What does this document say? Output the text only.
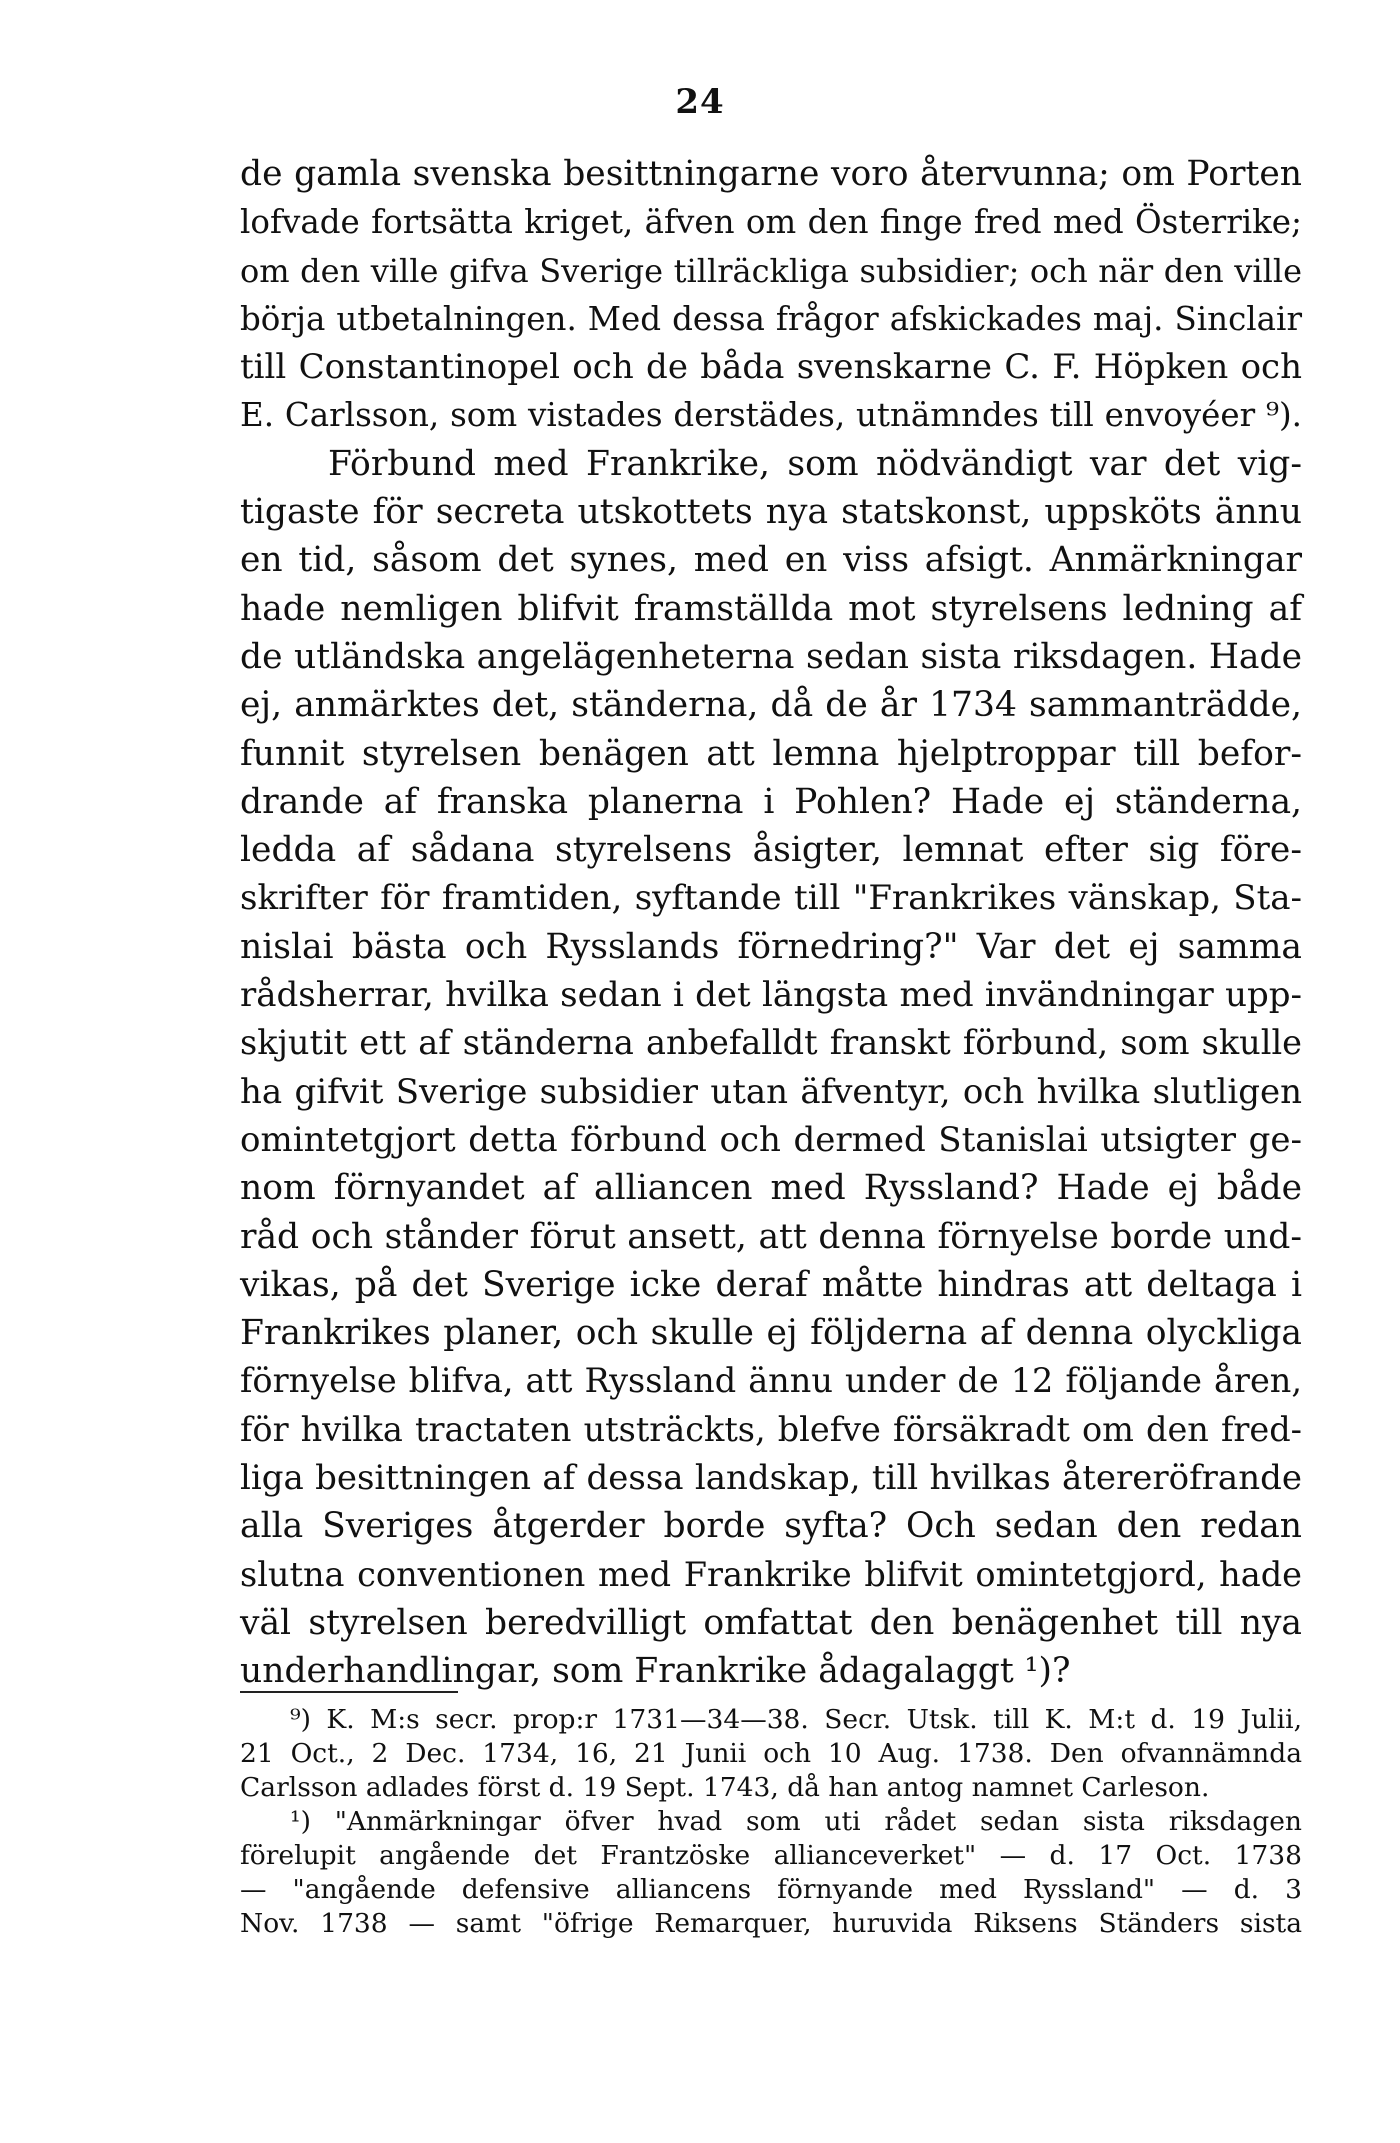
24
de gamla svenska besittningarne voro återvunna; om Porten
lofvade fortsätta kriget, äfven om den finge fred med Österrike;
om den ville gifva Sverige tillräckliga subsidier; och när den ville
börja utbetalningen. Med dessa frågor afskickades maj. Sinclair
till Constantinopel och de båda svenskarne C. F. Höpken och
E. Carlsson, som vistades derstädes, utnämndes till envoyéer ⁹).
Förbund med Frankrike, som nödvändigt var det vig-
tigaste för secreta utskottets nya statskonst, uppsköts ännu
en tid, såsom det synes, med en viss afsigt. Anmärkningar
hade nemligen blifvit framställda mot styrelsens ledning af
de utländska angelägenheterna sedan sista riksdagen. Hade
ej, anmärktes det, ständerna, då de år 1734 sammanträdde,
funnit styrelsen benägen att lemna hjelptroppar till befor-
drande af franska planerna i Pohlen? Hade ej ständerna,
ledda af sådana styrelsens åsigter, lemnat efter sig före-
skrifter för framtiden, syftande till "Frankrikes vänskap, Sta-
nislai bästa och Rysslands förnedring?" Var det ej samma
rådsherrar, hvilka sedan i det längsta med invändningar upp-
skjutit ett af ständerna anbefalldt franskt förbund, som skulle
ha gifvit Sverige subsidier utan äfventyr, och hvilka slutligen
omintetgjort detta förbund och dermed Stanislai utsigter ge-
nom förnyandet af alliancen med Ryssland? Hade ej både
råd och stånder förut ansett, att denna förnyelse borde und-
vikas, på det Sverige icke deraf måtte hindras att deltaga i
Frankrikes planer, och skulle ej följderna af denna olyckliga
förnyelse blifva, att Ryssland ännu under de 12 följande åren,
för hvilka tractaten utsträckts, blefve försäkradt om den fred-
liga besittningen af dessa landskap, till hvilkas återeröfrande
alla Sveriges åtgerder borde syfta? Och sedan den redan
slutna conventionen med Frankrike blifvit omintetgjord, hade
väl styrelsen beredvilligt omfattat den benägenhet till nya
underhandlingar, som Frankrike ådagalaggt ¹)?
⁹) K. M:s secr. prop:r 1731—34—38. Secr. Utsk. till K. M:t d. 19 Julii,
21 Oct., 2 Dec. 1734, 16, 21 Junii och 10 Aug. 1738. Den ofvannämnda
Carlsson adlades först d. 19 Sept. 1743, då han antog namnet Carleson.
¹) "Anmärkningar öfver hvad som uti rådet sedan sista riksdagen
förelupit angående det Frantzöske allianceverket" — d. 17 Oct. 1738
— "angående defensive alliancens förnyande med Ryssland" — d. 3
Nov. 1738 — samt "öfrige Remarquer, huruvida Riksens Ständers sista
